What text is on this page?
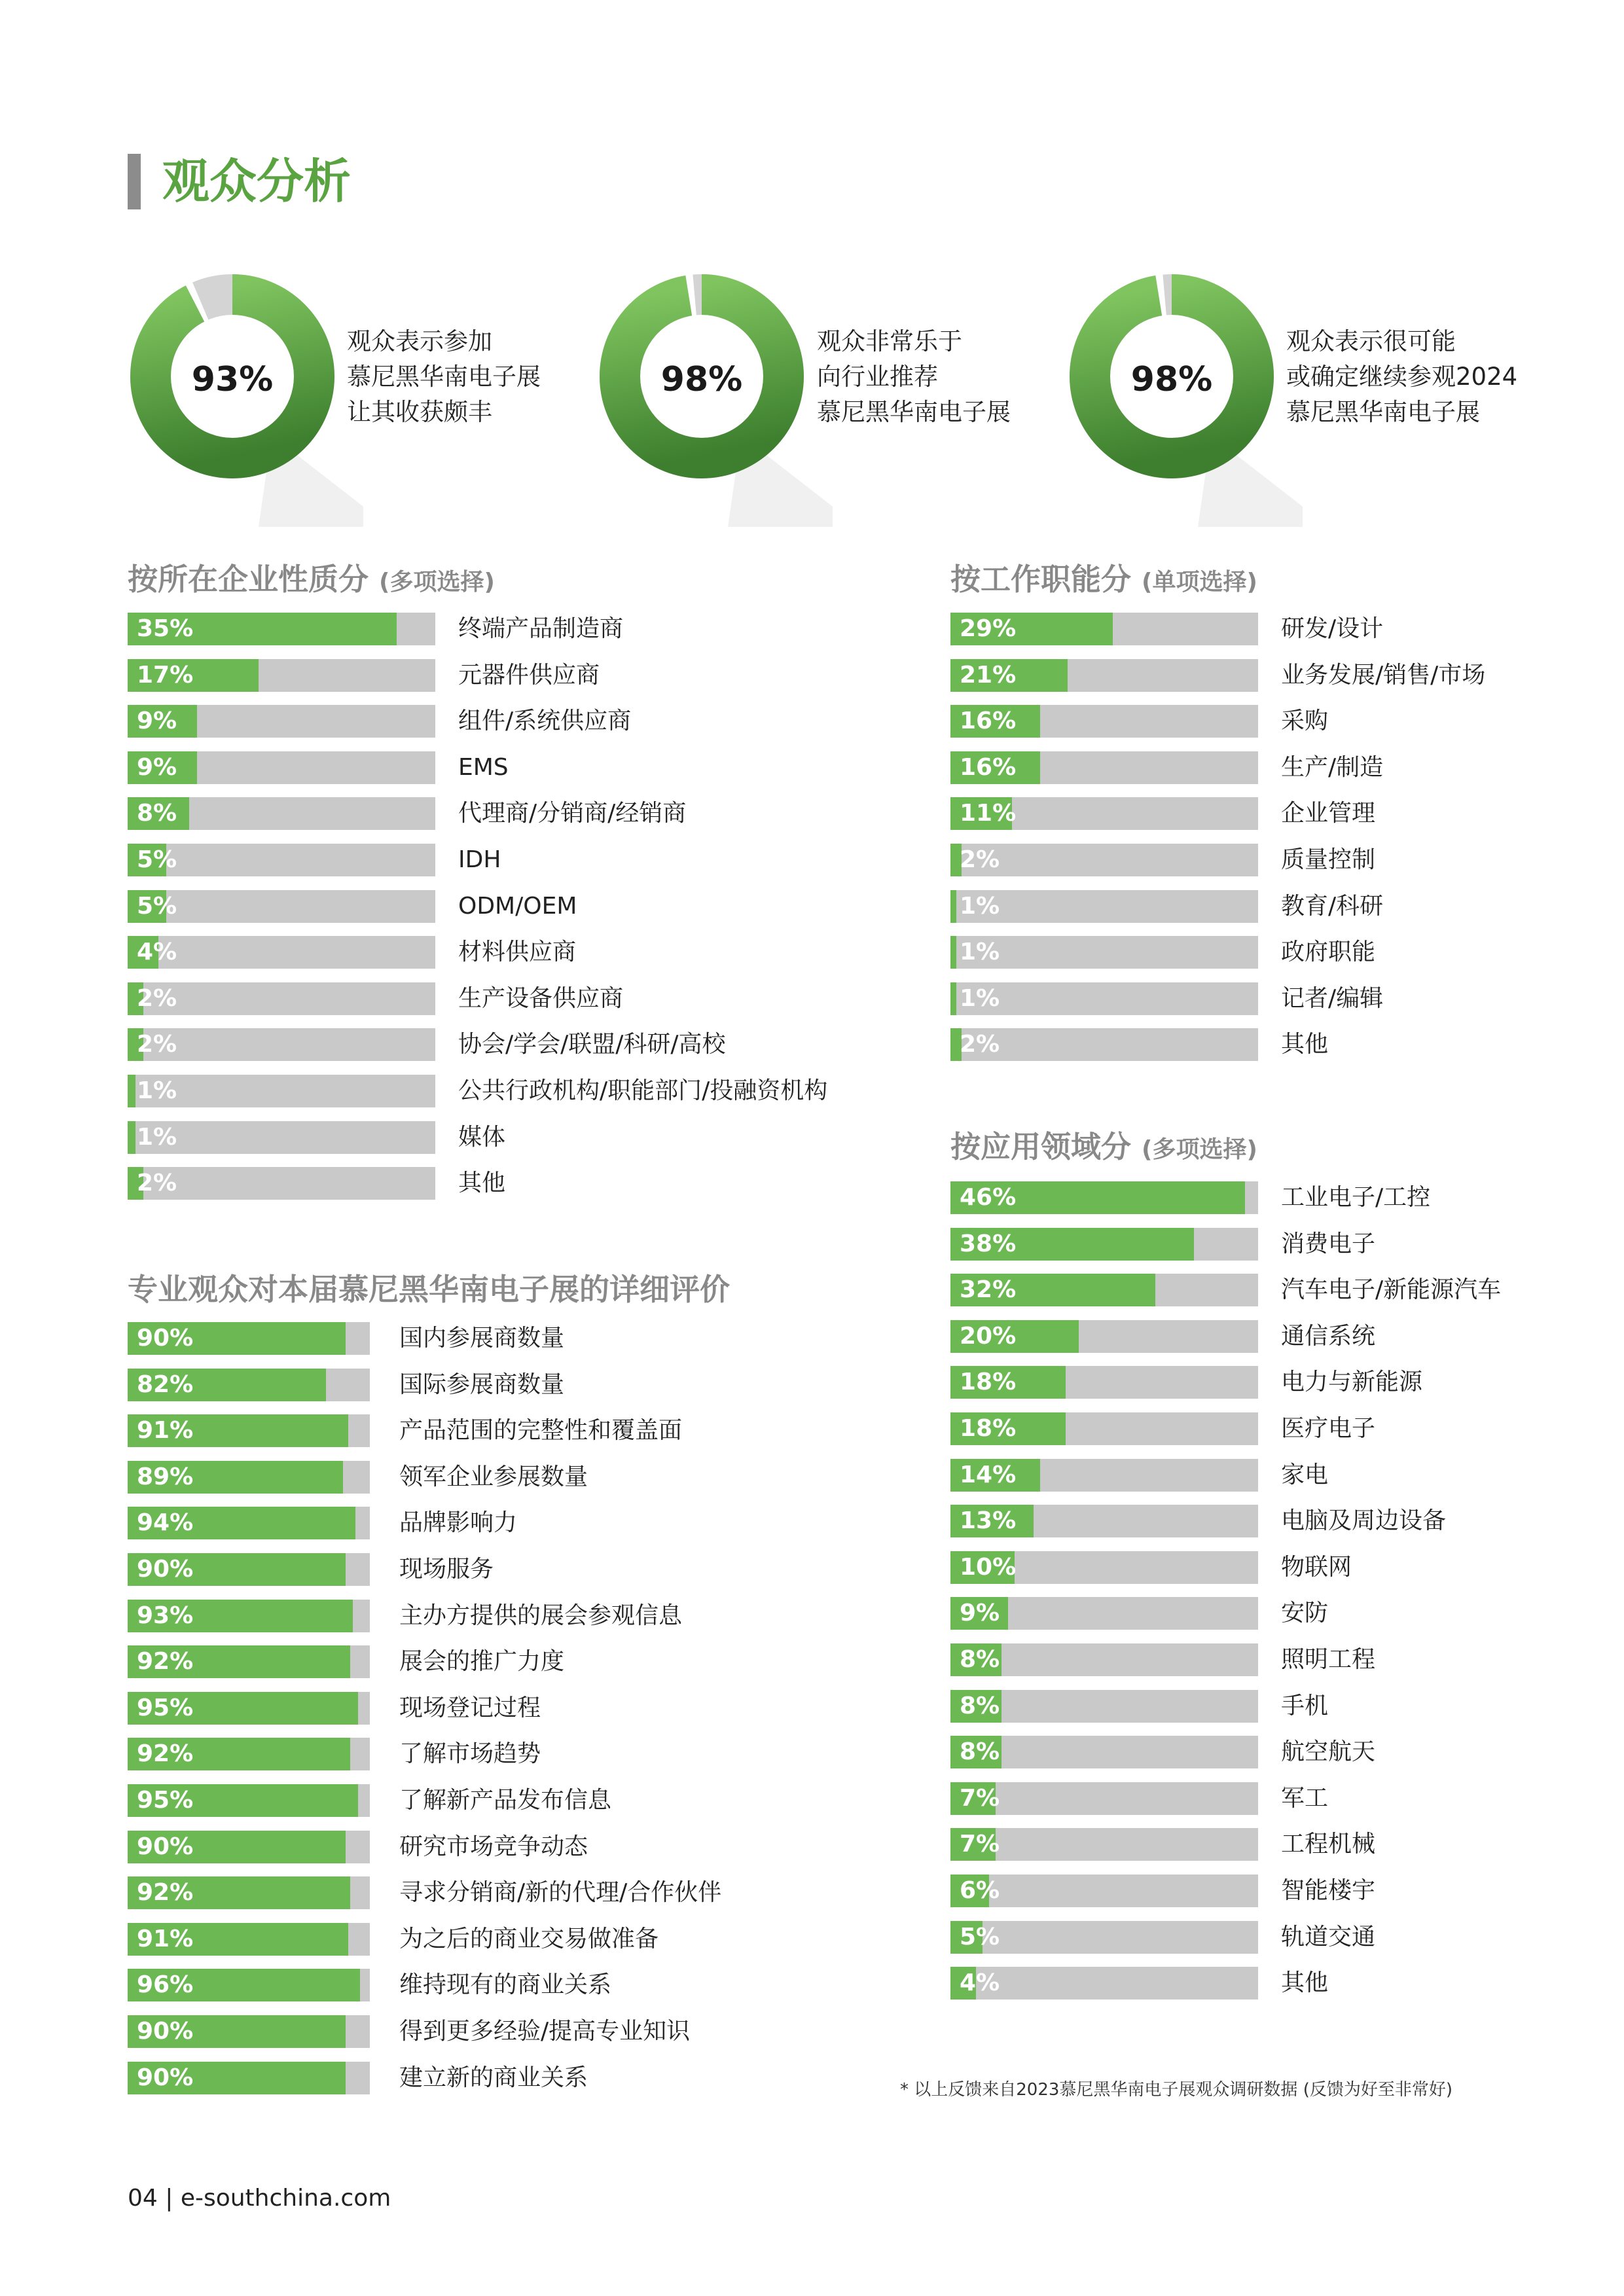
观众分析
93%
观众表示参加
慕尼黑华南电子展
让其收获颇丰
98%
观众非常乐于
向行业推荐
慕尼黑华南电子展
98%
观众表示很可能
或确定继续参观2024
慕尼黑华南电子展
按所在企业性质分 (多项选择)	按工作职能分 (单项选择)
专业观众对本届慕尼黑华南电子展的详细评价
按应用领域分 (多项选择)
35%	终端产品制造商
17%	元器件供应商
9%	组件/系统供应商
9%	EMS
8%	代理商/分销商/经销商
5%	IDH
5%	ODM/OEM
4%	材料供应商
2%	生产设备供应商
2%	协会/学会/联盟/科研/高校
1%	公共行政机构/职能部门/投融资机构
1%	媒体
2%	其他
29%	研发/设计
21%	业务发展/销售/市场
16%	采购
16%	生产/制造
11%	企业管理
2%	质量控制
1%	教育/科研
1%	政府职能
1%	记者/编辑
2%	其他
90%	国内参展商数量
82%	国际参展商数量
91%	产品范围的完整性和覆盖面
89%	领军企业参展数量
94%	品牌影响力
90%	现场服务
93%	主办方提供的展会参观信息
92%	展会的推广力度
95%	现场登记过程
92%	了解市场趋势
95%	了解新产品发布信息
90%	研究市场竞争动态
92%	寻求分销商/新的代理/合作伙伴
91%	为之后的商业交易做准备
96%	维持现有的商业关系
90%	得到更多经验/提高专业知识
90%	建立新的商业关系
46%	工业电子/工控
38%	消费电子
32%	汽车电子/新能源汽车
20%	通信系统
18%	电力与新能源
18%	医疗电子
14%	家电
13%	电脑及周边设备
10%	物联网
9%	安防
8%	照明工程
8%	手机
8%	航空航天
7%	军工
7%	工程机械
6%	智能楼宇
5%	轨道交通
4%	其他
* 以上反馈来自2023慕尼黑华南电子展观众调研数据 (反馈为好至非常好)
04 | e-southchina.com
